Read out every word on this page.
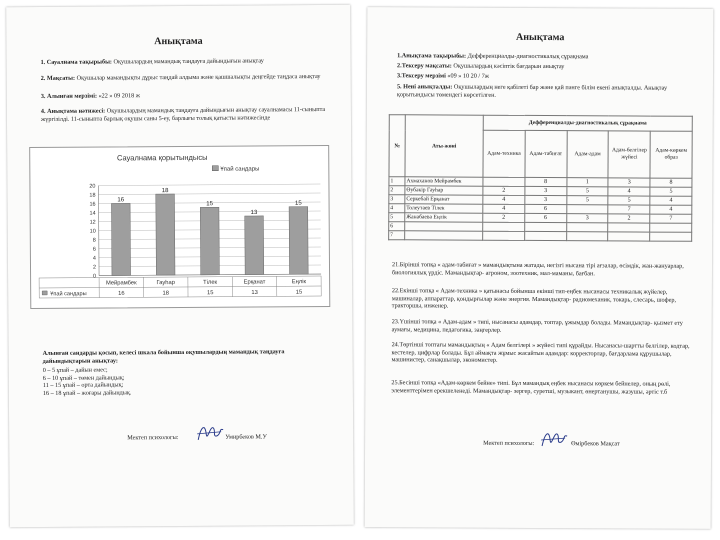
Анықтама
1. Сауалнама тақырыбы: Оқушылардың мамандық таңдауға дайындығын анықтау
2. Мақсаты: Оқушылар мамандықты дұрыс таңдай алдыма және қашшалықты деңгейде таңдаса анықтау
3. Алынған мерзімі: «22 » 09 2018 ж
4. Анықтама нәтижесі: Оқушылардың мамандық таңдауға дайындығын анықтау сауалнамасы 11-сыныпта жүргізілді. 11-сыныпта барлық оқушы саны 5-еу, барлығы толық қатысты нәтижесінде
Сауалнама қорытындысы
Ұпай сандары
0
2
4
6
8
10
12
14
16
18
20
16
18
15
13
15
Ұпай сандары
Мейрамбек
16
Гауһар
18
Тілек
15
Ерқанат
13
Еңлік
15
Алынған сандарды қосып, келесі шкала бойынша оқушылардың мамандық таңдауға дайындықтарын анықтау:
0 – 5 ұпай – дайын емес;
6 – 10 ұпай – төмен дайындық;
11 – 15 ұпай – орта дайындық;
16 – 18 ұпай – жоғары дайындық.
Мектеп психологы:	Умирбеков М.У
Анықтама
1.Анықтама тақырыбы: Дефференциалды-диагностикалық сұрақнама
2.Тексеру мақсаты: Оқушылардың кәсіптік бағдарын анықтау
3.Тексеру мерзімі «09 » 10 20 / 7ж
5. Нені анықталды: Оқушылардың неге қабілеті бар және қай пәнге білім екені анықталды. Анықтау қорытындысы төмендегі көрсетілген.
№	Аты-жөні	Дефференциалды-диагностикалық сұрақнама				
		Адам-техника	Адам-табиғат	Адам-адам	Адам-белгілер жүйесі	Адам-көркем образ
1	Ахмаханов Мейрамбек		8	1	3	8
2	Өубәкір Гауһар	2	3	5	4	5
3	Серкебай Ерқанат	4	3	5	5	4
4	Толеутаев Тілек	4	6		7	4
5	Жанабаева Еңлік	2	6	3	2	7
6						
7						
21.Бірінші топқа « адам-табиғат » мамандықтына жатады, негізгі нысана тірі ағзалар, өсімдік, жан-жануарлар, биологиялық үрдіс. Мамандықтар- агроном, зоотехник, мал-маманы, бағбан.
22.Екінші топқа « Адам-техника » қатынасы бойынша екінші тип-еңбек нысанасы техникалық жүйелер, машиналар, аппараттар, қондырғылар және энергия. Мамандықтар- радиомеханик, токарь, слесарь, шофер, тракторшы, инженер.
23.Үшінші топқа « Адам-адам » типі, нысанасы адамдар, топтар, ұжымдар болады. Мамандықтар- қызмет ету аумағы, медицина, педагогика, заңгерлер.
24.Төртінші топтағы мамандықтың « Адам белгілері » жүйесі типі құрайды. Нысанасы-шартты белгілер, кодтар, кестелер, цифрлар болады. Бұл аймақта жұмыс жасайтын адамдар: корректорлар, бағдарлама құрушылар, машинистер, санақшылар, экономистер.
25.Бесінші топқа «Адам-көркем бейне» типі. Бұл мамандық еңбек нысанасы көркем бейнелер, оның рөлі, элементтерімен ерекшеленеді. Мамандықтар- зергер, суретші, музыкант, өнертанушы, жазушы, әртіс т.б
Мектеп психологы:	Өмірбеков Мақсат
